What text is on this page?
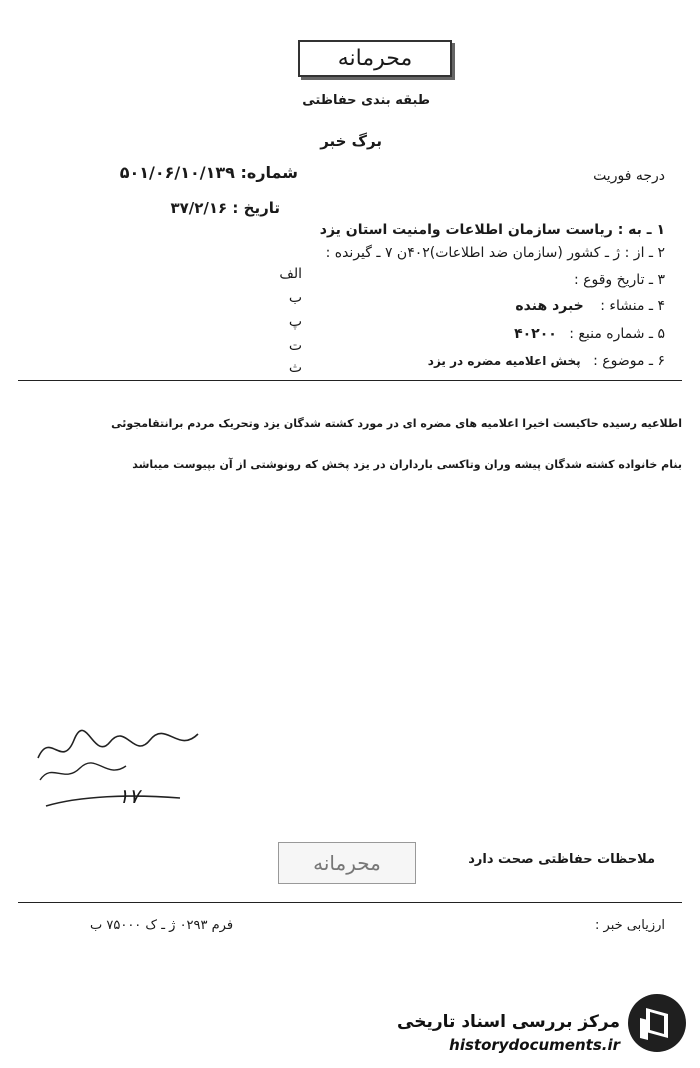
محرمانه
طبقه بندی حفاظتی
برگ خبر
شماره: ۵۰۱/۰۶/۱۰/۱۳۹	درجه فوریت
تاریخ : ۳۷/۲/۱۶
۱ ـ به : ریاست سازمان اطلاعات وامنیت استان یزد
۲ ـ از : ژ ـ کشور (سازمان ضد اطلاعات)۴۰۲ن ۷ ـ گیرنده :
۳ ـ تاریخ وقوع :
۴ ـ منشاء : خبرد هنده
۵ ـ شماره منبع : ۴۰۲۰۰
۶ ـ موضوع : پخش اعلامیه مضره در یزد
الف
ب
پ
ت
ث
اطلاعیه رسیده حاکیست اخیرا اعلامیه های مضره ای در مورد کشته شدگان یزد وتحریک مردم برانتقامجوئی
بنام خانواده کشته شدگان پیشه وران وتاکسی بارداران در یزد پخش که رونوشتی از آن بپیوست میباشد
۱۷
ملاحظات حفاظتی صحت دارد
محرمانه
ارزیابی خبر :
فرم ۰۲۹۳ ژ ـ ک ۷۵۰۰۰ ب
مرکز بررسی اسناد تاریخی
historydocuments.ir
